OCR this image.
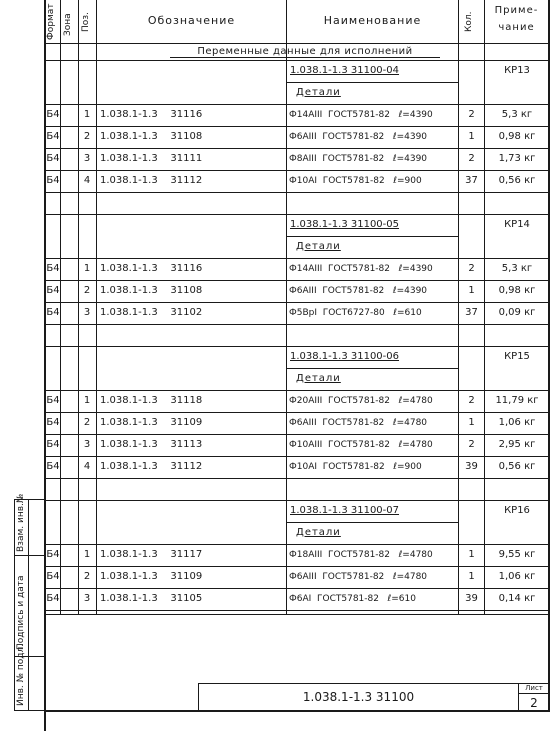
Формат Зона Поз.	Обозначение	Наименование	Кол.
Приме-
чание
Переменные данные для исполнений
1.038.1-1.3 31100-04	КР13
Детали
Б4	1 1.038.1-1.3    31116	Ф14AIII  ГОСТ5781-82   ℓ=4390	2	5,3 кг
Б4	2 1.038.1-1.3    31108	Ф6AIII  ГОСТ5781-82   ℓ=4390	1	0,98 кг
Б4	3 1.038.1-1.3    31111	Ф8AIII  ГОСТ5781-82   ℓ=4390	2	1,73 кг
Б4	4 1.038.1-1.3    31112	Ф10AI  ГОСТ5781-82   ℓ=900	37	0,56 кг
1.038.1-1.3 31100-05	КР14
Детали
Б4	1 1.038.1-1.3    31116	Ф14AIII  ГОСТ5781-82   ℓ=4390	2	5,3 кг
Б4	2 1.038.1-1.3    31108	Ф6AIII  ГОСТ5781-82   ℓ=4390	1	0,98 кг
Б4	3 1.038.1-1.3    31102	Ф5BpI  ГОСТ6727-80   ℓ=610	37	0,09 кг
1.038.1-1.3 31100-06	КР15
Детали
Б4	1 1.038.1-1.3    31118	Ф20AIII  ГОСТ5781-82   ℓ=4780	2	11,79 кг
Б4	2 1.038.1-1.3    31109	Ф6AIII  ГОСТ5781-82   ℓ=4780	1	1,06 кг
Б4	3 1.038.1-1.3    31113	Ф10AIII  ГОСТ5781-82   ℓ=4780	2	2,95 кг
Б4	4 1.038.1-1.3    31112	Ф10AI  ГОСТ5781-82   ℓ=900	39	0,56 кг
1.038.1-1.3 31100-07	КР16
Детали
Б4	1 1.038.1-1.3    31117	Ф18AIII  ГОСТ5781-82   ℓ=4780	1	9,55 кг
Б4	2 1.038.1-1.3    31109	Ф6AIII  ГОСТ5781-82   ℓ=4780	1	1,06 кг
Б4	3 1.038.1-1.3    31105	Ф6AI  ГОСТ5781-82   ℓ=610	39	0,14 кг
Взам. инв.№
Подпись и дата
Инв. № подл.	1.038.1-1.3 31100
Лист
2
